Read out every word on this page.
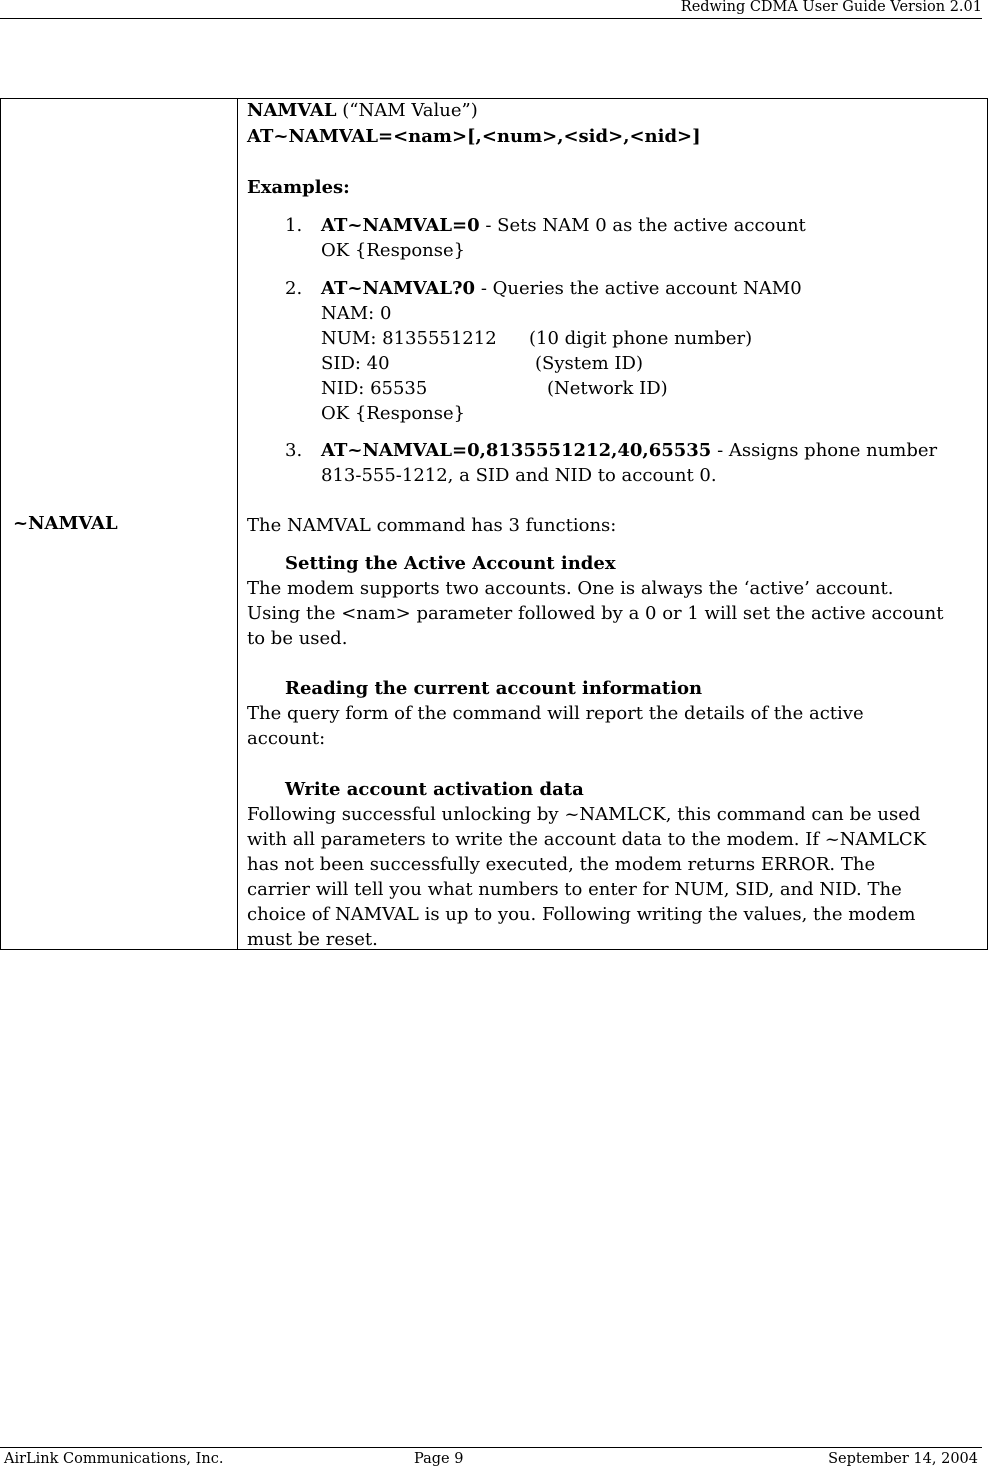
Redwing CDMA User Guide Version 2.01
~NAMVAL
NAMVAL (“NAM Value”)
AT~NAMVAL=<nam>[,<num>,<sid>,<nid>]
Examples:
1. AT~NAMVAL=0 - Sets NAM 0 as the active account
OK {Response}
2. AT~NAMVAL?0 - Queries the active account NAM0
NAM: 0
NUM: 8135551212 (10 digit phone number)
SID: 40	(System ID)
NID: 65535	(Network ID)
OK {Response}
3. AT~NAMVAL=0,8135551212,40,65535 - Assigns phone number
813-555-1212, a SID and NID to account 0.
The NAMVAL command has 3 functions:
Setting the Active Account index
The modem supports two accounts. One is always the ‘active’ account.
Using the <nam> parameter followed by a 0 or 1 will set the active account
to be used.
Reading the current account information
The query form of the command will report the details of the active
account:
Write account activation data
Following successful unlocking by ~NAMLCK, this command can be used
with all parameters to write the account data to the modem. If ~NAMLCK
has not been successfully executed, the modem returns ERROR. The
carrier will tell you what numbers to enter for NUM, SID, and NID. The
choice of NAMVAL is up to you. Following writing the values, the modem
must be reset.
AirLink Communications, Inc.	Page 9	September 14, 2004
